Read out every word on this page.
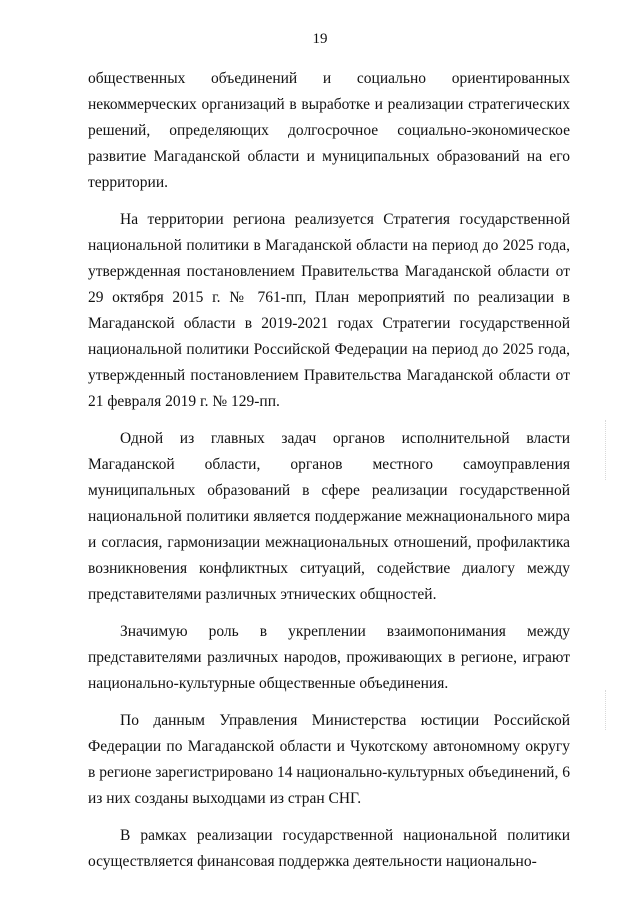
19

общественных объединений и социально ориентированных некоммерческих организаций в выработке и реализации стратегических решений, определяющих долгосрочное социально-экономическое развитие Магаданской области и муниципальных образований на его территории.

На территории региона реализуется Стратегия государственной национальной политики в Магаданской области на период до 2025 года, утвержденная постановлением Правительства Магаданской области от 29 октября 2015 г. № 761-пп, План мероприятий по реализации в Магаданской области в 2019-2021 годах Стратегии государственной национальной политики Российской Федерации на период до 2025 года, утвержденный постановлением Правительства Магаданской области от 21 февраля 2019 г. № 129-пп.

Одной из главных задач органов исполнительной власти Магаданской области, органов местного самоуправления муниципальных образований в сфере реализации государственной национальной политики является поддержание межнационального мира и согласия, гармонизации межнациональных отношений, профилактика возникновения конфликтных ситуаций, содействие диалогу между представителями различных этнических общностей.

Значимую роль в укреплении взаимопонимания между представителями различных народов, проживающих в регионе, играют национально-культурные общественные объединения.

По данным Управления Министерства юстиции Российской Федерации по Магаданской области и Чукотскому автономному округу в регионе зарегистрировано 14 национально-культурных объединений, 6 из них созданы выходцами из стран СНГ.

В рамках реализации государственной национальной политики осуществляется финансовая поддержка деятельности национально-
